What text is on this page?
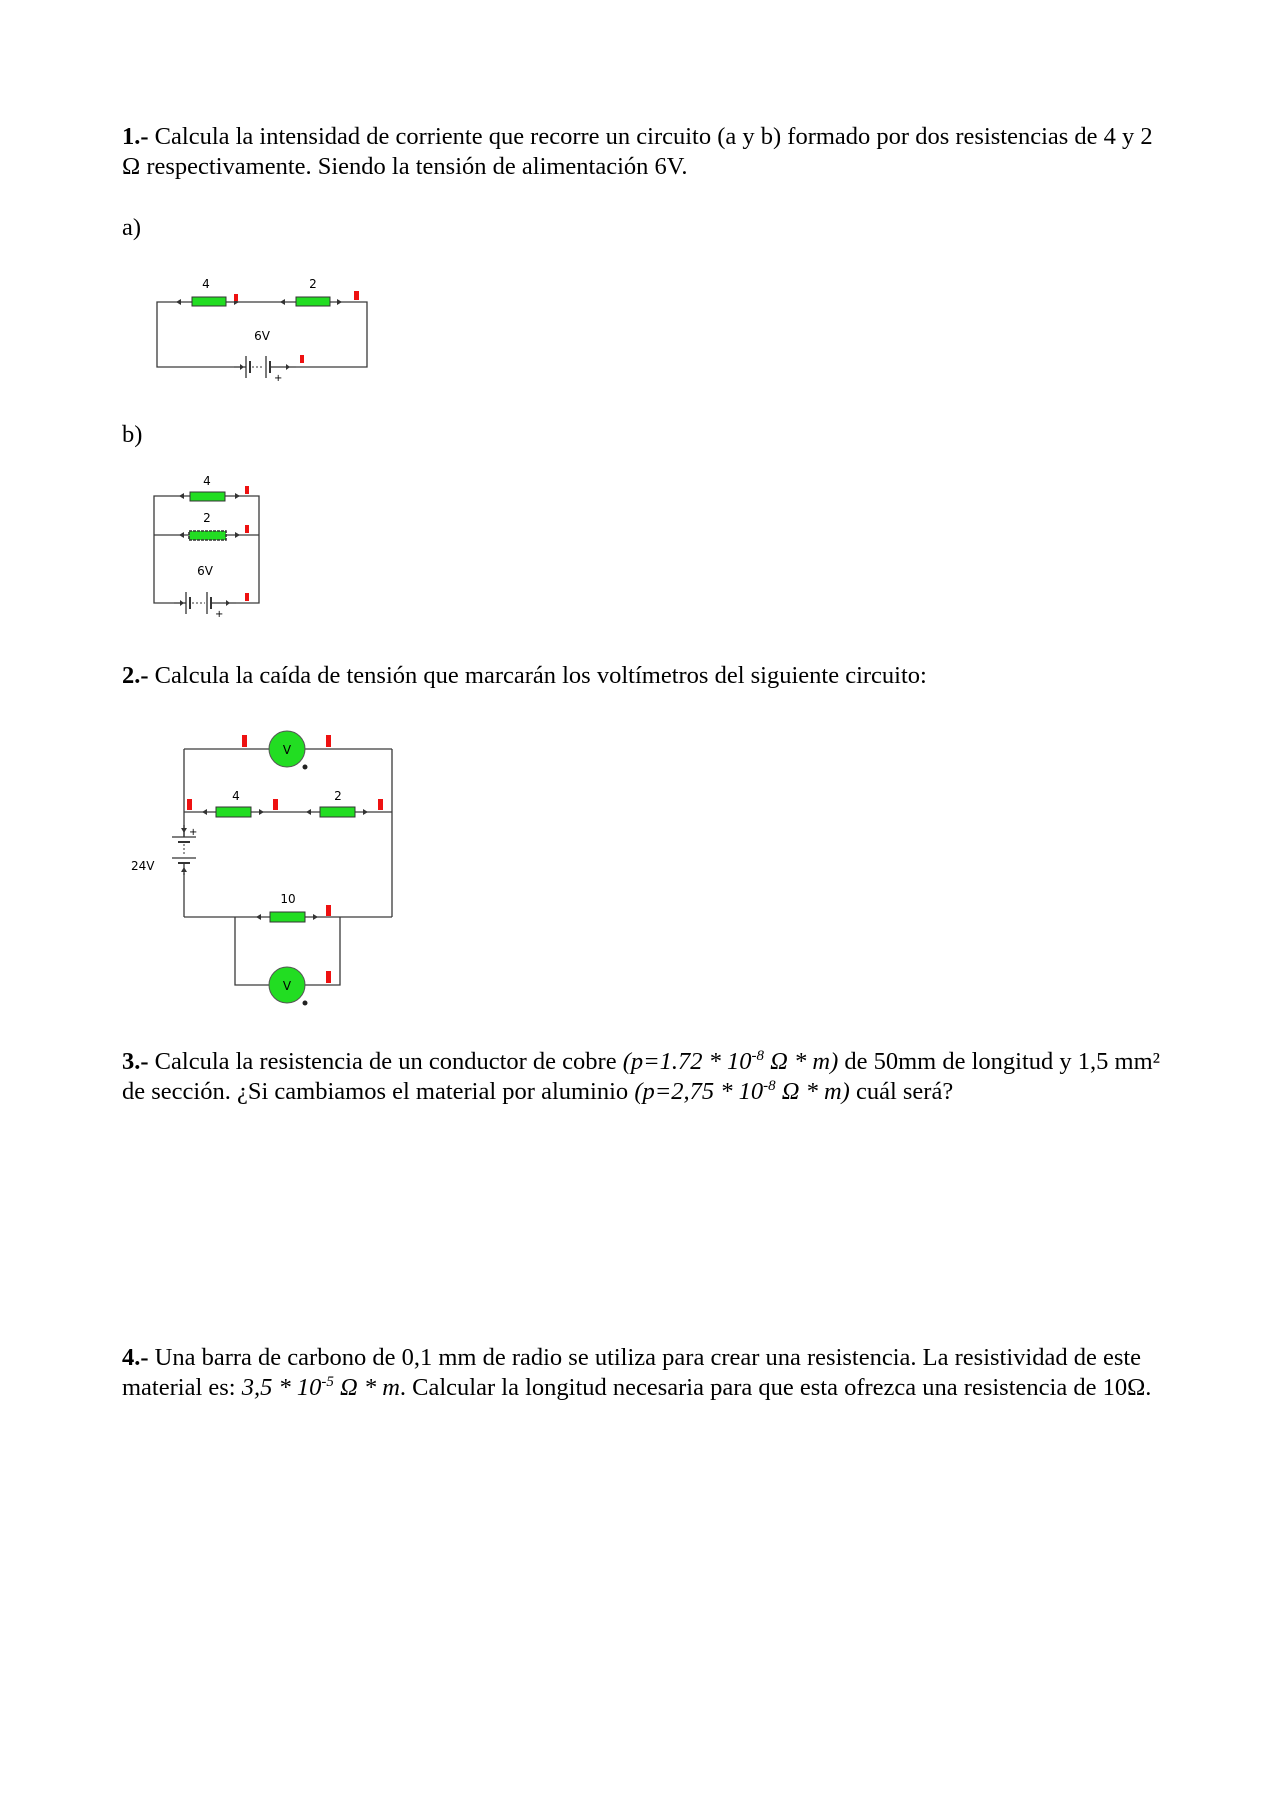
1.- Calcula la intensidad de corriente que recorre un circuito (a y b) formado por dos resistencias de 4 y 2 Ω respectivamente. Siendo la tensión de alimentación 6V.

a)
4	2
6V
+
b)
4
2
6V
+

2.- Calcula la caída de tensión que marcarán los voltímetros del siguiente circuito:

V
4	2
+
24V
10
V

3.- Calcula la resistencia de un conductor de cobre ($p=1.72 * 10^{-8}$ Ω * m) de 50mm de longitud y 1,5 mm² de sección. ¿Si cambiamos el material por aluminio ($p=2,75 * 10^{-8}$ Ω * m) cuál será?

4.- Una barra de carbono de 0,1 mm de radio se utiliza para crear una resistencia. La resistividad de este material es: $3,5 * 10^{-5}$ Ω * m. Calcular la longitud necesaria para que esta ofrezca una resistencia de 10Ω.
